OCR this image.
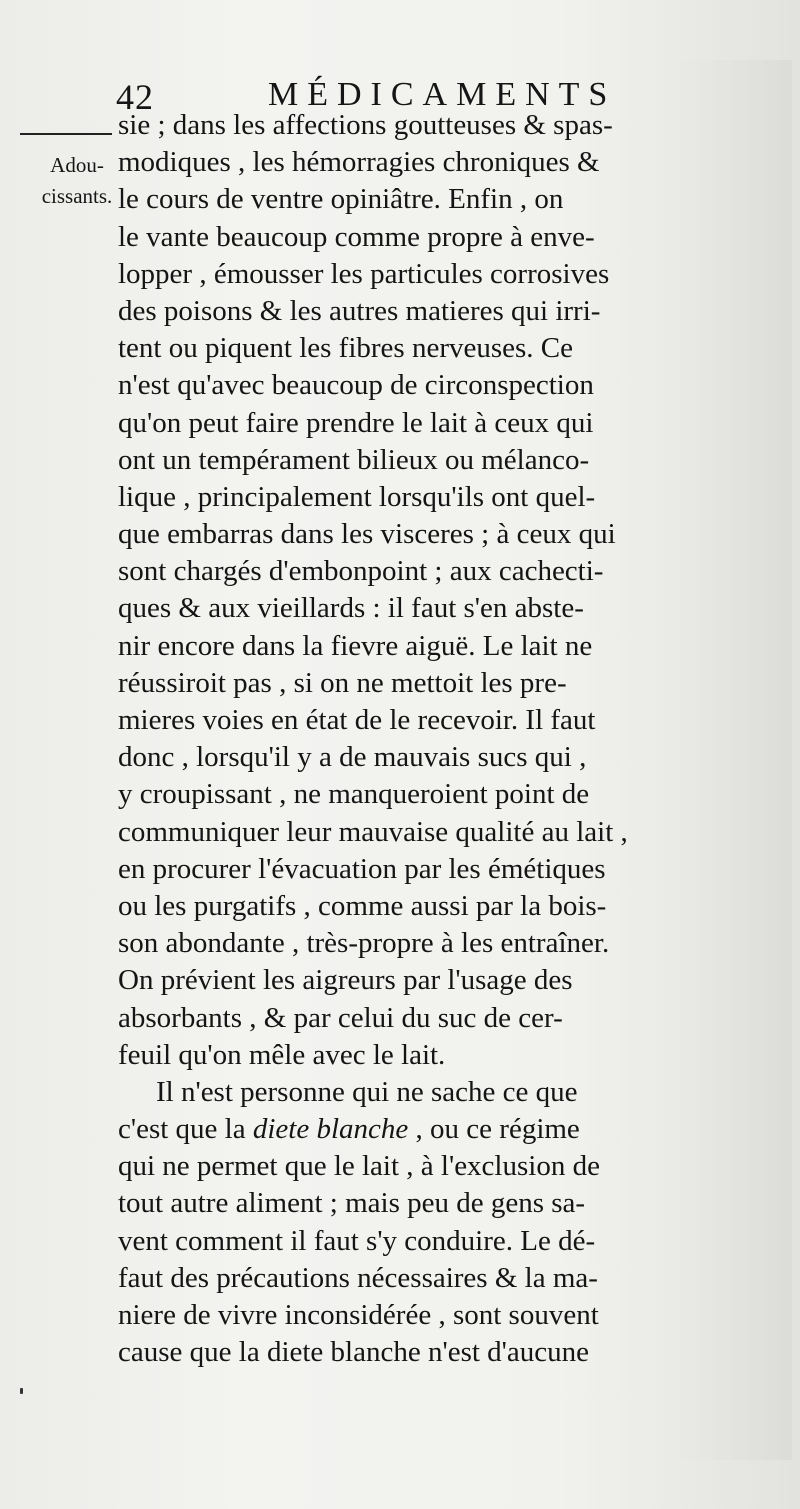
42	MÉDICAMENTS
Adou-
cissants.
sie ; dans les affections goutteuses & spas-
modiques , les hémorragies chroniques &
le cours de ventre opiniâtre. Enfin , on
le vante beaucoup comme propre à enve-
lopper , émousser les particules corrosives
des poisons & les autres matieres qui irri-
tent ou piquent les fibres nerveuses. Ce
n'est qu'avec beaucoup de circonspection
qu'on peut faire prendre le lait à ceux qui
ont un tempérament bilieux ou mélanco-
lique , principalement lorsqu'ils ont quel-
que embarras dans les visceres ; à ceux qui
sont chargés d'embonpoint ; aux cachecti-
ques & aux vieillards : il faut s'en abste-
nir encore dans la fievre aiguë. Le lait ne
réussiroit pas , si on ne mettoit les pre-
mieres voies en état de le recevoir. Il faut
donc , lorsqu'il y a de mauvais sucs qui ,
y croupissant , ne manqueroient point de
communiquer leur mauvaise qualité au lait ,
en procurer l'évacuation par les émétiques
ou les purgatifs , comme aussi par la bois-
son abondante , très-propre à les entraîner.
On prévient les aigreurs par l'usage des
absorbants , & par celui du suc de cer-
feuil qu'on mêle avec le lait.
Il n'est personne qui ne sache ce que
c'est que la diete blanche , ou ce régime
qui ne permet que le lait , à l'exclusion de
tout autre aliment ; mais peu de gens sa-
vent comment il faut s'y conduire. Le dé-
faut des précautions nécessaires & la ma-
niere de vivre inconsidérée , sont souvent
cause que la diete blanche n'est d'aucune
